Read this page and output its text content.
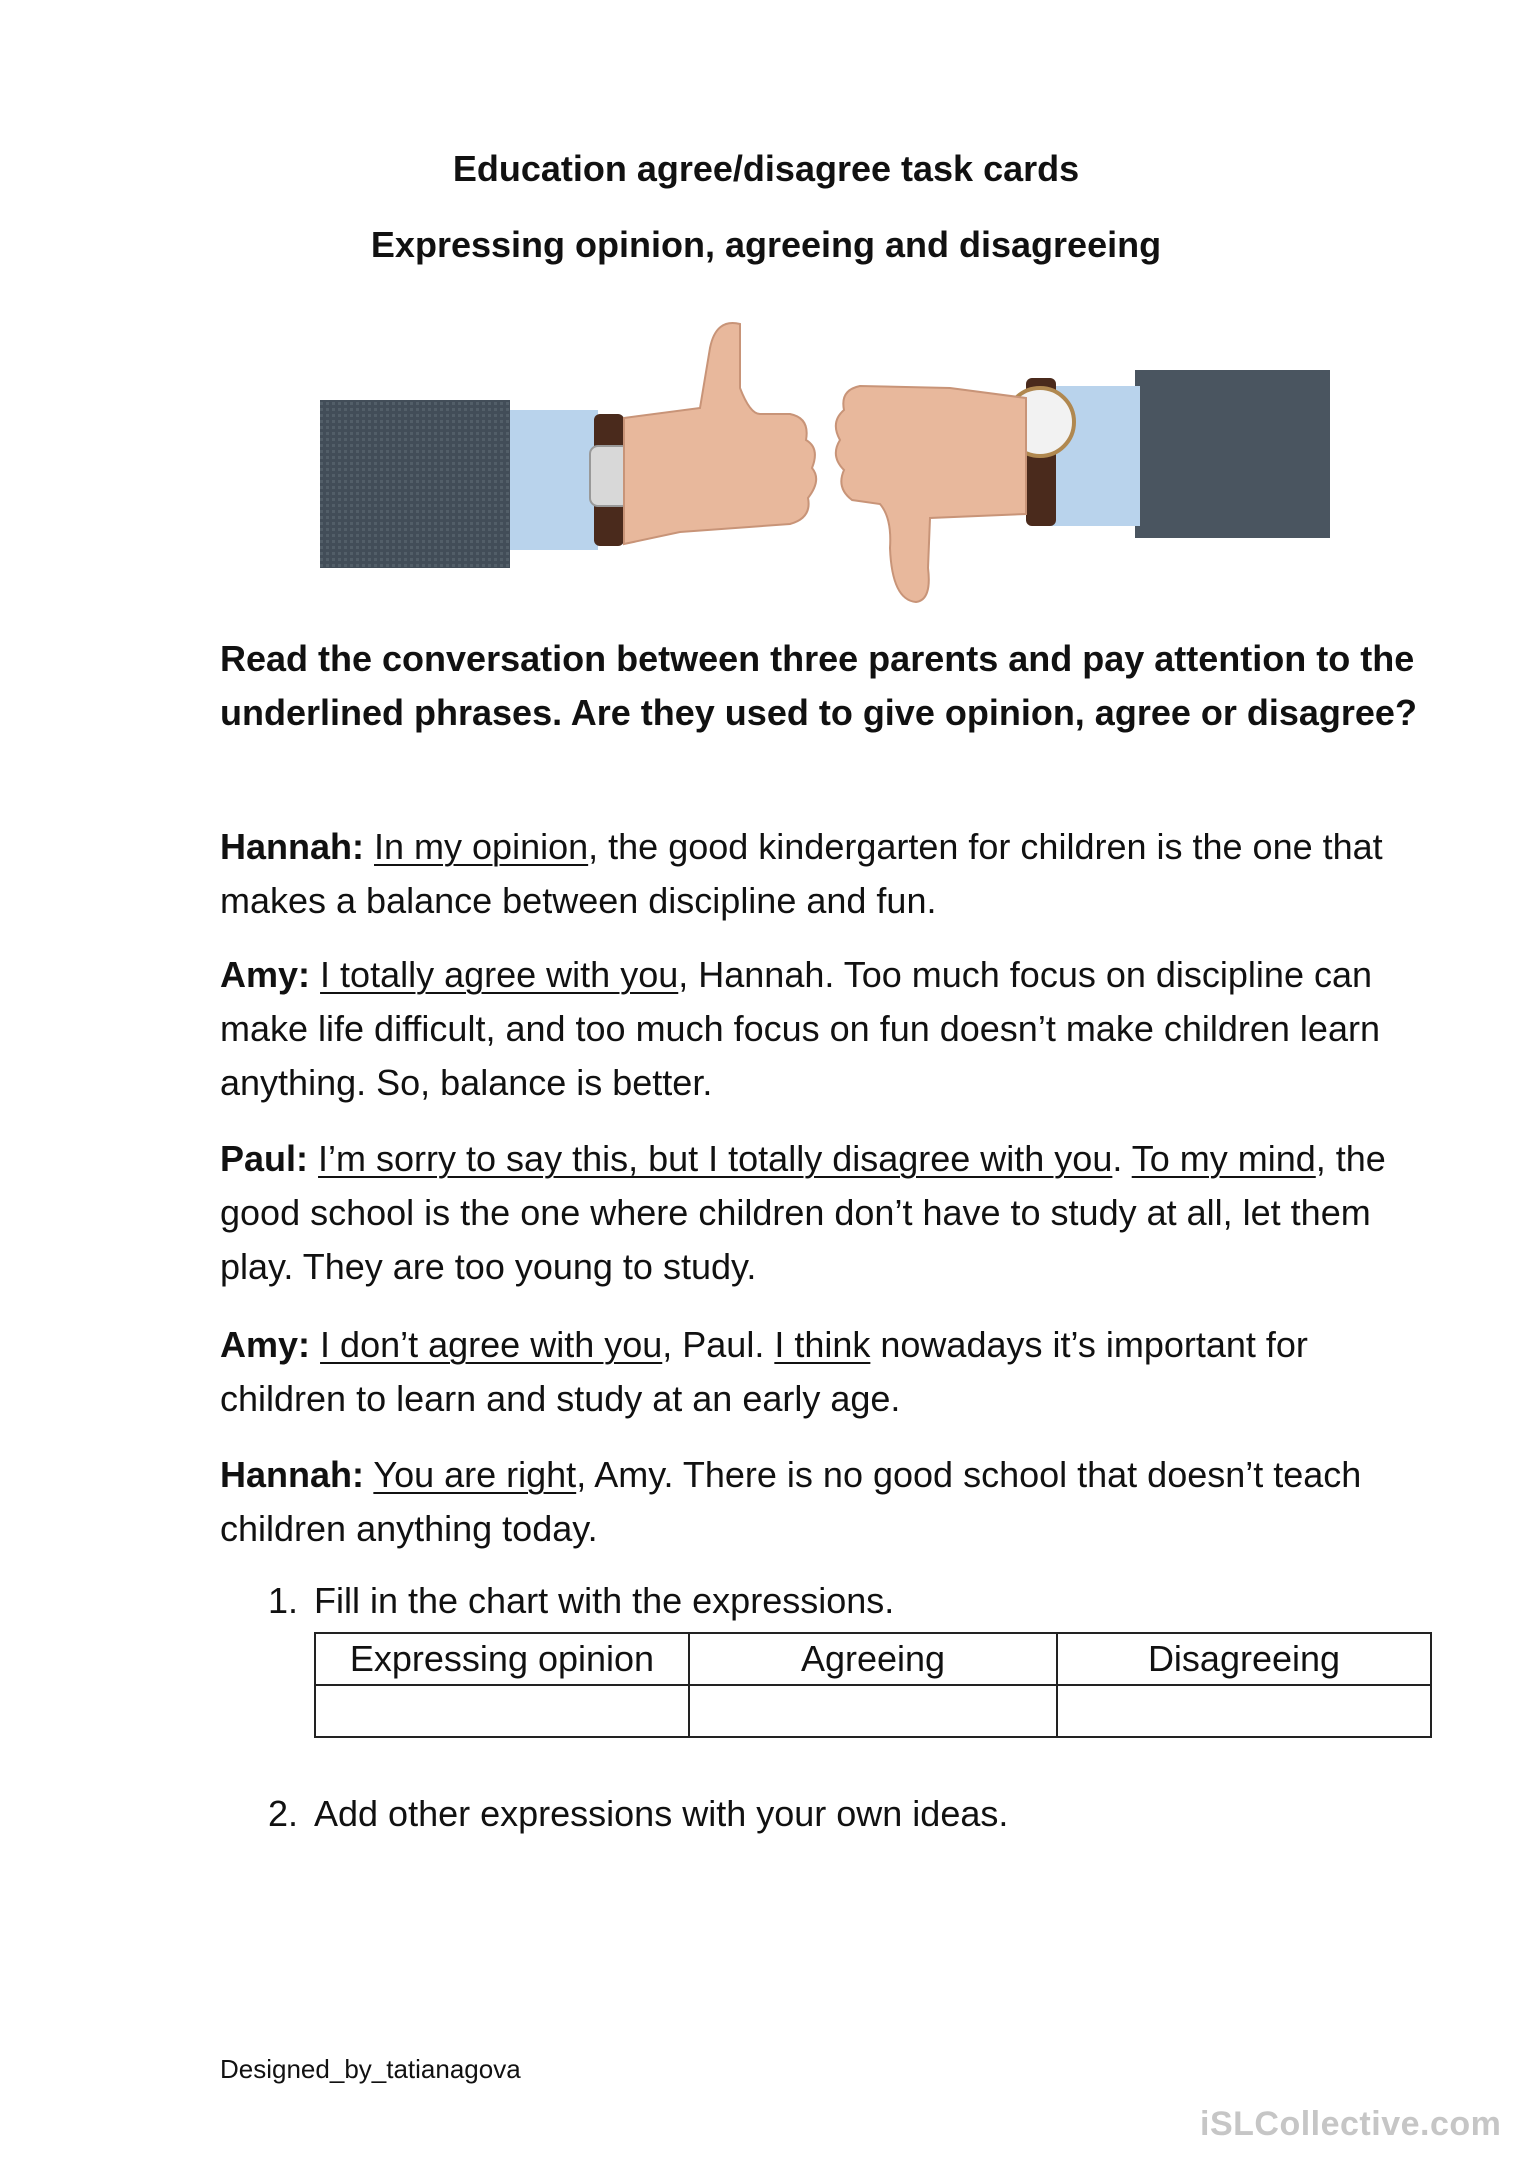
Education agree/disagree task cards
Expressing opinion, agreeing and disagreeing
Read the conversation between three parents and pay attention to the underlined phrases. Are they used to give opinion, agree or disagree?
Hannah: In my opinion, the good kindergarten for children is the one that makes a balance between discipline and fun.
Amy: I totally agree with you, Hannah. Too much focus on discipline can make life difficult, and too much focus on fun doesn’t make children learn anything. So, balance is better.
Paul: I’m sorry to say this, but I totally disagree with you. To my mind, the good school is the one where children don’t have to study at all, let them play. They are too young to study.
Amy: I don’t agree with you, Paul. I think nowadays it’s important for children to learn and study at an early age.
Hannah: You are right, Amy. There is no good school that doesn’t teach children anything today.
1. Fill in the chart with the expressions.
Expressing opinion	Agreeing	Disagreeing

2. Add other expressions with your own ideas.
Designed_by_tatianagova
iSLCollective.com
